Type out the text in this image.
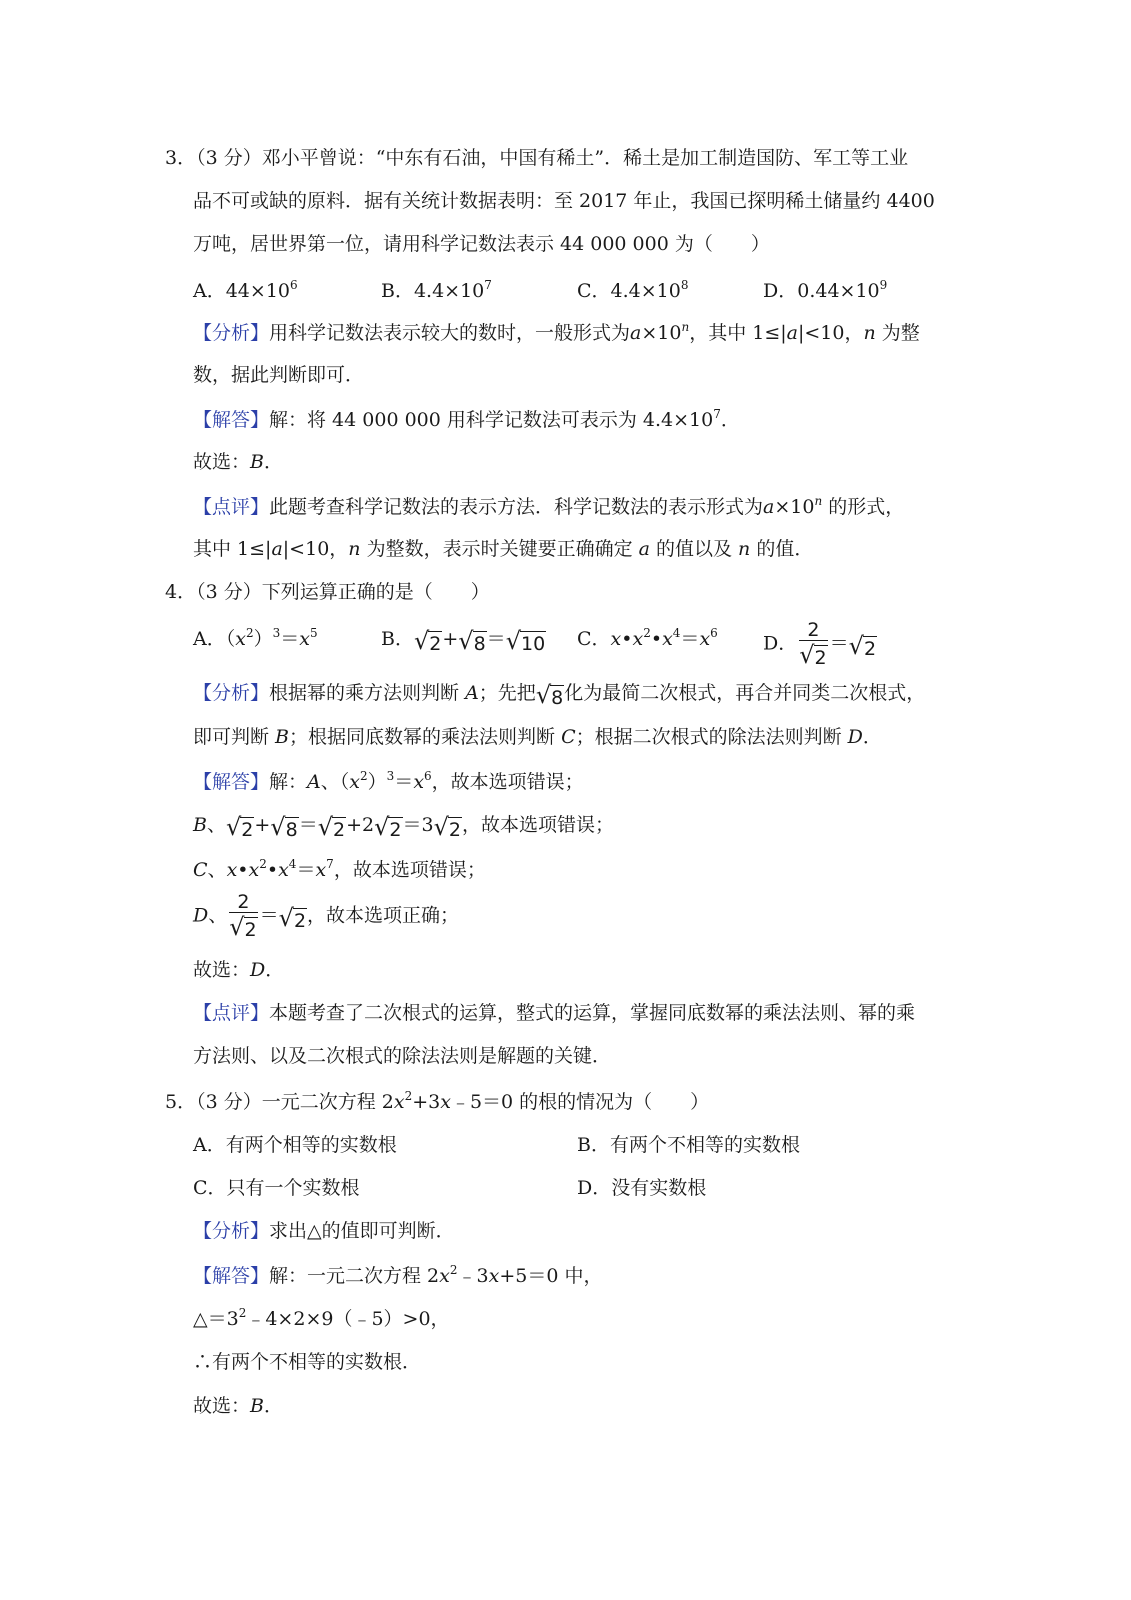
3．（3 分）邓小平曾说：“中东有石油，中国有稀土”．稀土是加工制造国防、军工等工业
品不可或缺的原料．据有关统计数据表明：至 2017 年止，我国已探明稀土储量约 4400
万吨，居世界第一位，请用科学记数法表示 44 000 000 为（　　）
A．$44\times 10^6$	B．$4.4\times 10^7$	C．$4.4\times 10^8$	D．$0.44\times 10^9$
【分析】用科学记数法表示较大的数时，一般形式为$a\times 10^n$，其中 1≤|a|<10，n 为整
数，据此判断即可．
【解答】解：将 44 000 000 用科学记数法可表示为 $4.4\times 10^7$．
故选：B．
【点评】此题考查科学记数法的表示方法．科学记数法的表示形式为$a\times 10^n$ 的形式，
其中 1≤|a|<10，n 为整数，表示时关键要正确确定 a 的值以及 n 的值．
4．（3 分）下列运算正确的是（　　）
A．$(x^2)^3=x^5$	B． √ 2 + √ 8 ＝ √ 10 C．$x•x^2•x^4=x^6$ D． $\frac{2}{√ 2}$ ＝ √ 2
【分析】根据幂的乘方法则判断 A；先把 √ 8 化为最简二次根式，再合并同类二次根式，
即可判断 B；根据同底数幂的乘法法则判断 C；根据二次根式的除法法则判断 D．
【解答】解：A、$(x^2)^3=x^6$，故本选项错误；
B、 √ 2 + √ 8 ＝ √ 2 +2 √ 2 ＝3 √ 2 ，故本选项错误；
C、$x•x^2•x^4=x^7$，故本选项错误；
D、 $\frac{2}{√ 2}$ ＝ √ 2 ，故本选项正确；
故选：D．
【点评】本题考查了二次根式的运算，整式的运算，掌握同底数幂的乘法法则、幂的乘
方法则、以及二次根式的除法法则是解题的关键．
5．（3 分）一元二次方程 $2x^2+3x﹣5=0$ 的根的情况为（　　）
A．有两个相等的实数根	B．有两个不相等的实数根
C．只有一个实数根	D．没有实数根
【分析】求出△的值即可判断．
【解答】解：一元二次方程 $2x^2﹣3x+5=0$ 中，
$\triangle=3^2﹣4\times 2\times 9(﹣5)>0$，
∴有两个不相等的实数根．
故选：B．
